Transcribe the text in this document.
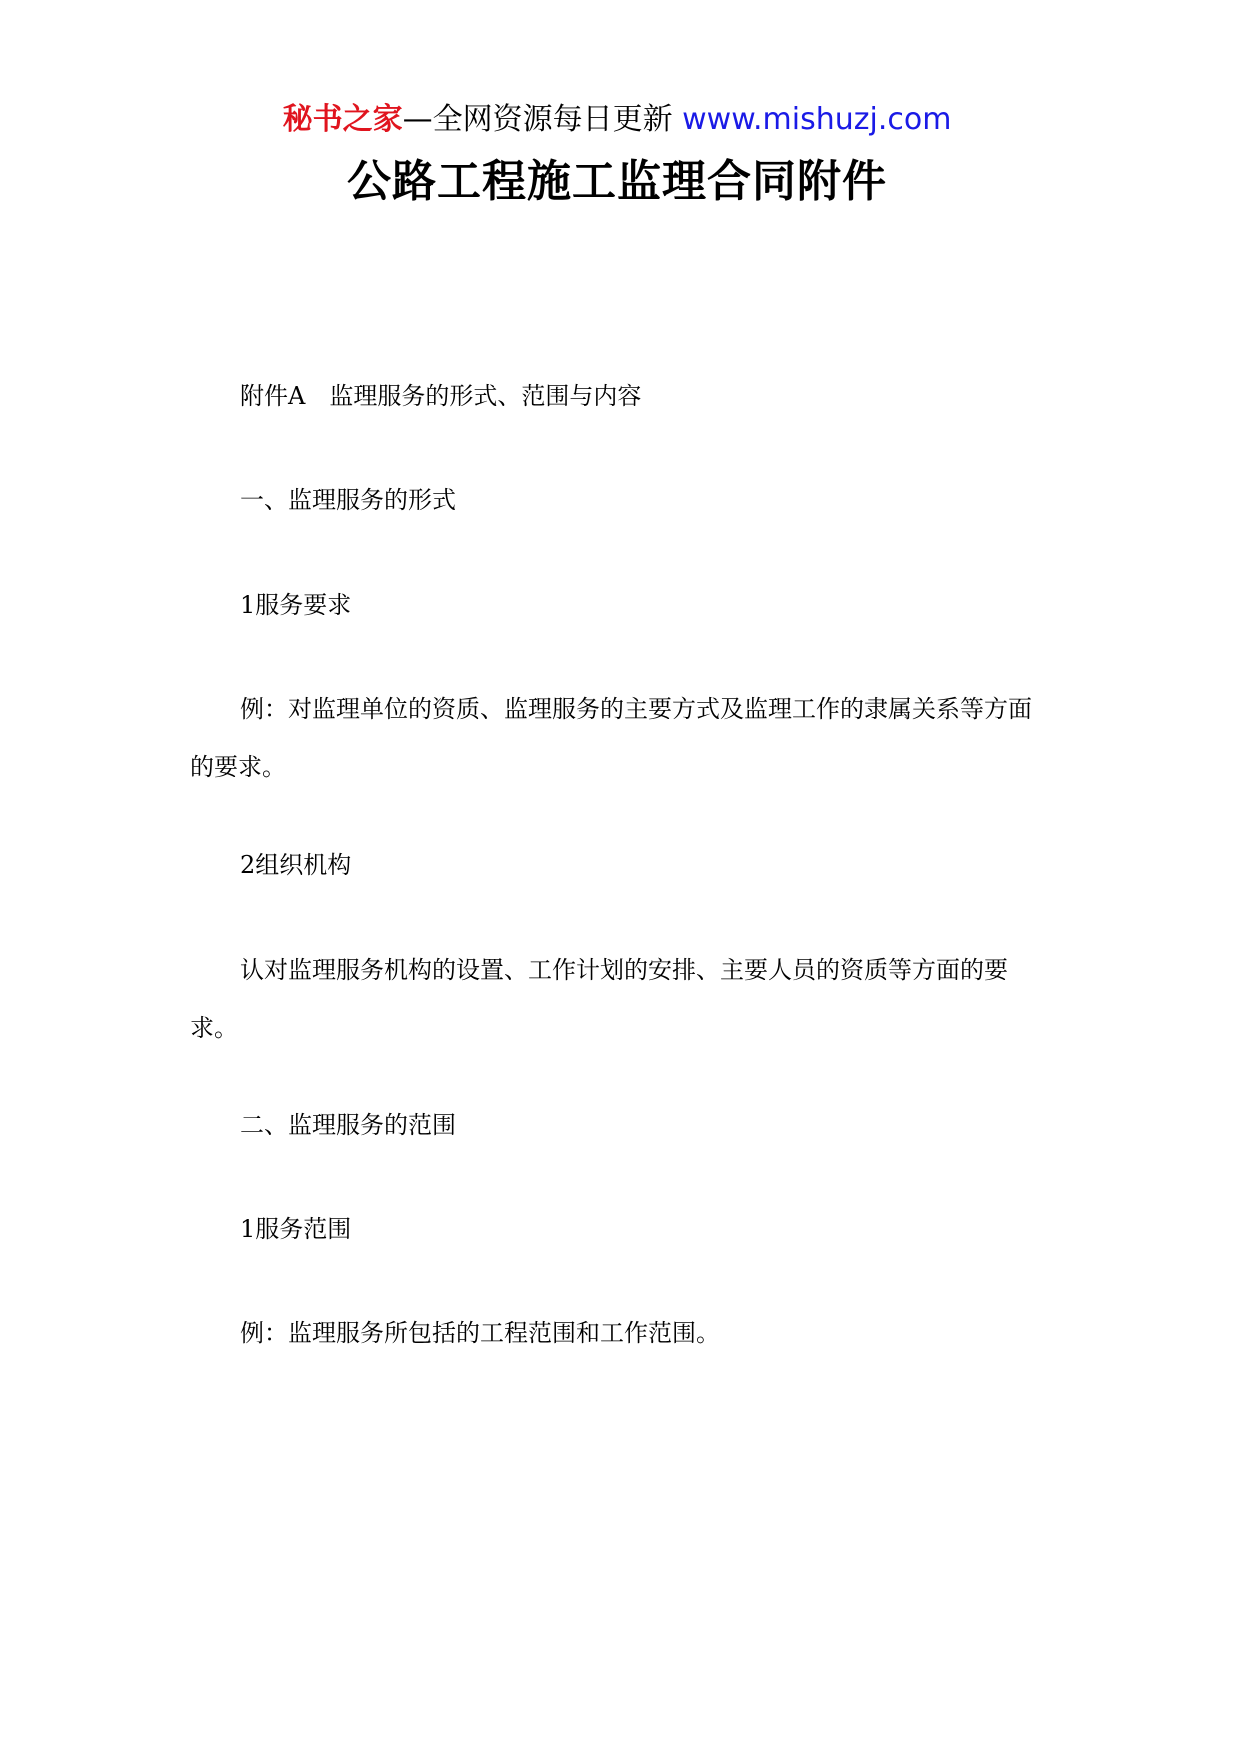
秘书之家—全网资源每日更新 www.mishuzj.com
公路工程施工监理合同附件

附件A　监理服务的形式、范围与内容

一、监理服务的形式

1服务要求

例：对监理单位的资质、监理服务的主要方式及监理工作的隶属关系等方面的要求。

2组织机构

认对监理服务机构的设置、工作计划的安排、主要人员的资质等方面的要求。

二、监理服务的范围

1服务范围

例：监理服务所包括的工程范围和工作范围。
